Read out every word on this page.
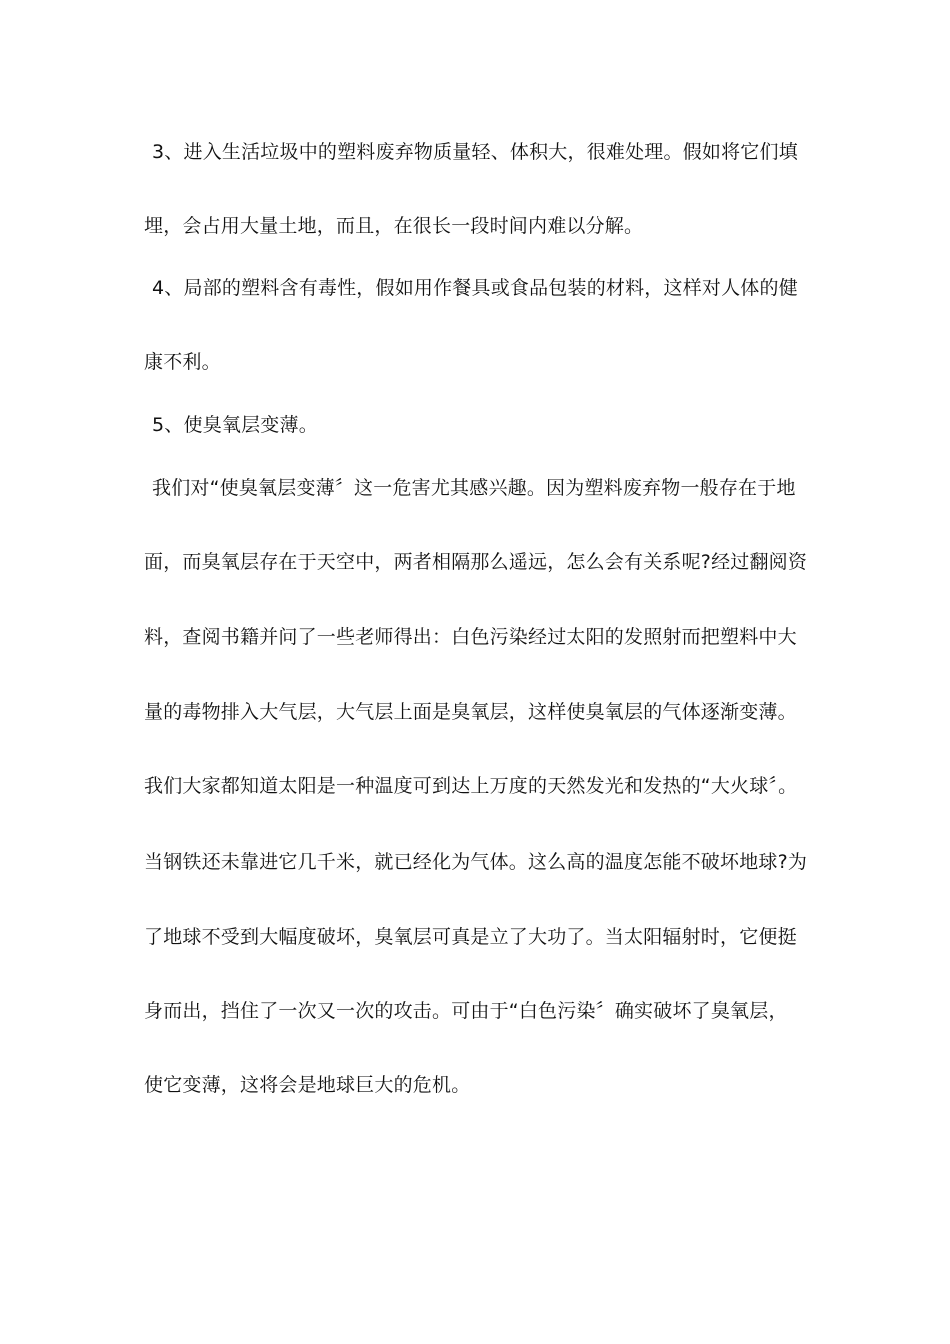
3、进入生活垃圾中的塑料废弃物质量轻、体积大，很难处理。假如将它们填
埋，会占用大量土地，而且，在很长一段时间内难以分解。
4、局部的塑料含有毒性，假如用作餐具或食品包装的材料，这样对人体的健
康不利。
5、使臭氧层变薄。
我们对“使臭氧层变薄〞这一危害尤其感兴趣。因为塑料废弃物一般存在于地
面，而臭氧层存在于天空中，两者相隔那么遥远，怎么会有关系呢?经过翻阅资
料，查阅书籍并问了一些老师得出：白色污染经过太阳的发照射而把塑料中大
量的毒物排入大气层，大气层上面是臭氧层，这样使臭氧层的气体逐渐变薄。
我们大家都知道太阳是一种温度可到达上万度的天然发光和发热的“大火球〞。
当钢铁还未靠进它几千米，就已经化为气体。这么高的温度怎能不破坏地球?为
了地球不受到大幅度破坏，臭氧层可真是立了大功了。当太阳辐射时，它便挺
身而出，挡住了一次又一次的攻击。可由于“白色污染〞确实破坏了臭氧层，
使它变薄，这将会是地球巨大的危机。
